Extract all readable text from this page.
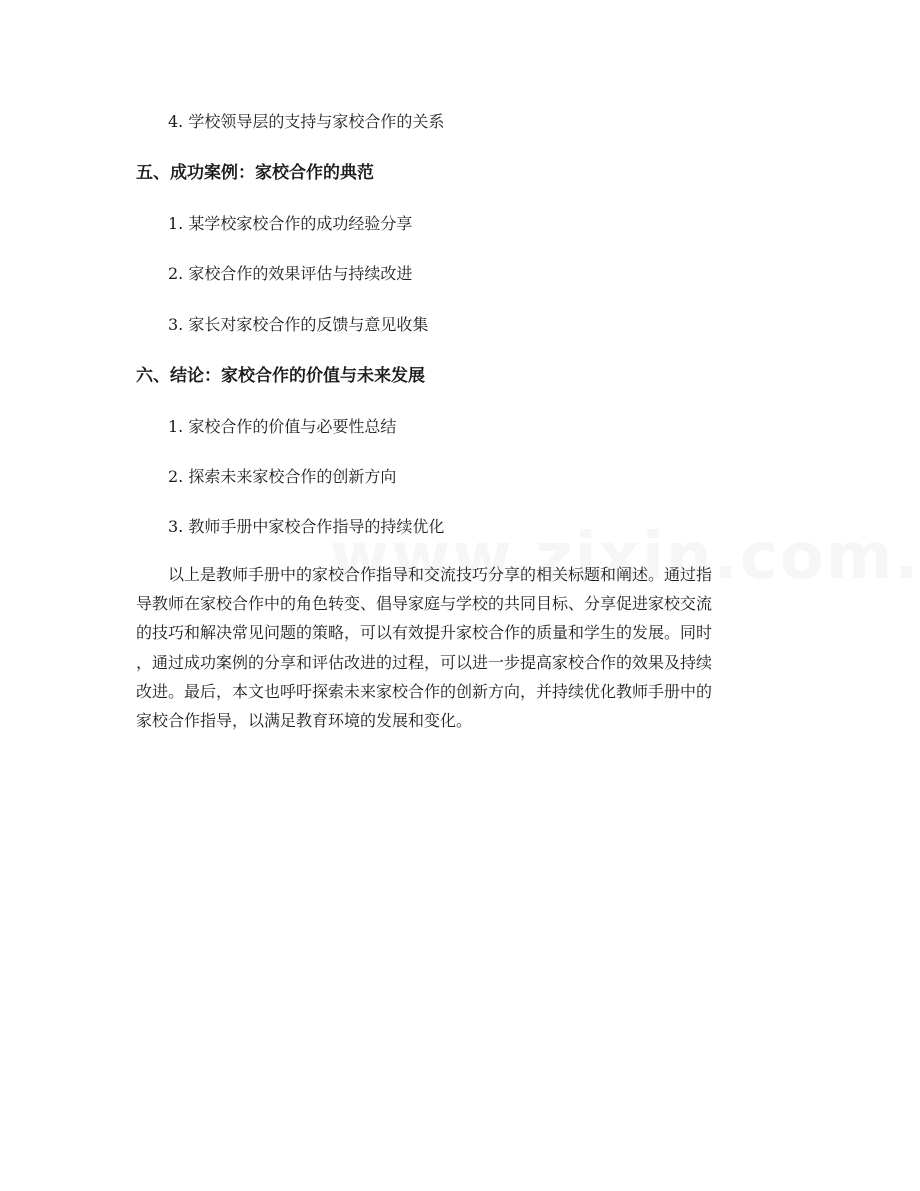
4. 学校领导层的支持与家校合作的关系
五、成功案例：家校合作的典范
1. 某学校家校合作的成功经验分享
2. 家校合作的效果评估与持续改进
3. 家长对家校合作的反馈与意见收集
六、结论：家校合作的价值与未来发展
1. 家校合作的价值与必要性总结
2. 探索未来家校合作的创新方向
3. 教师手册中家校合作指导的持续优化
以上是教师手册中的家校合作指导和交流技巧分享的相关标题和阐述。通过指
导教师在家校合作中的角色转变、倡导家庭与学校的共同目标、分享促进家校交流
的技巧和解决常见问题的策略，可以有效提升家校合作的质量和学生的发展。同时
，通过成功案例的分享和评估改进的过程，可以进一步提高家校合作的效果及持续
改进。最后，本文也呼吁探索未来家校合作的创新方向，并持续优化教师手册中的
家校合作指导，以满足教育环境的发展和变化。
